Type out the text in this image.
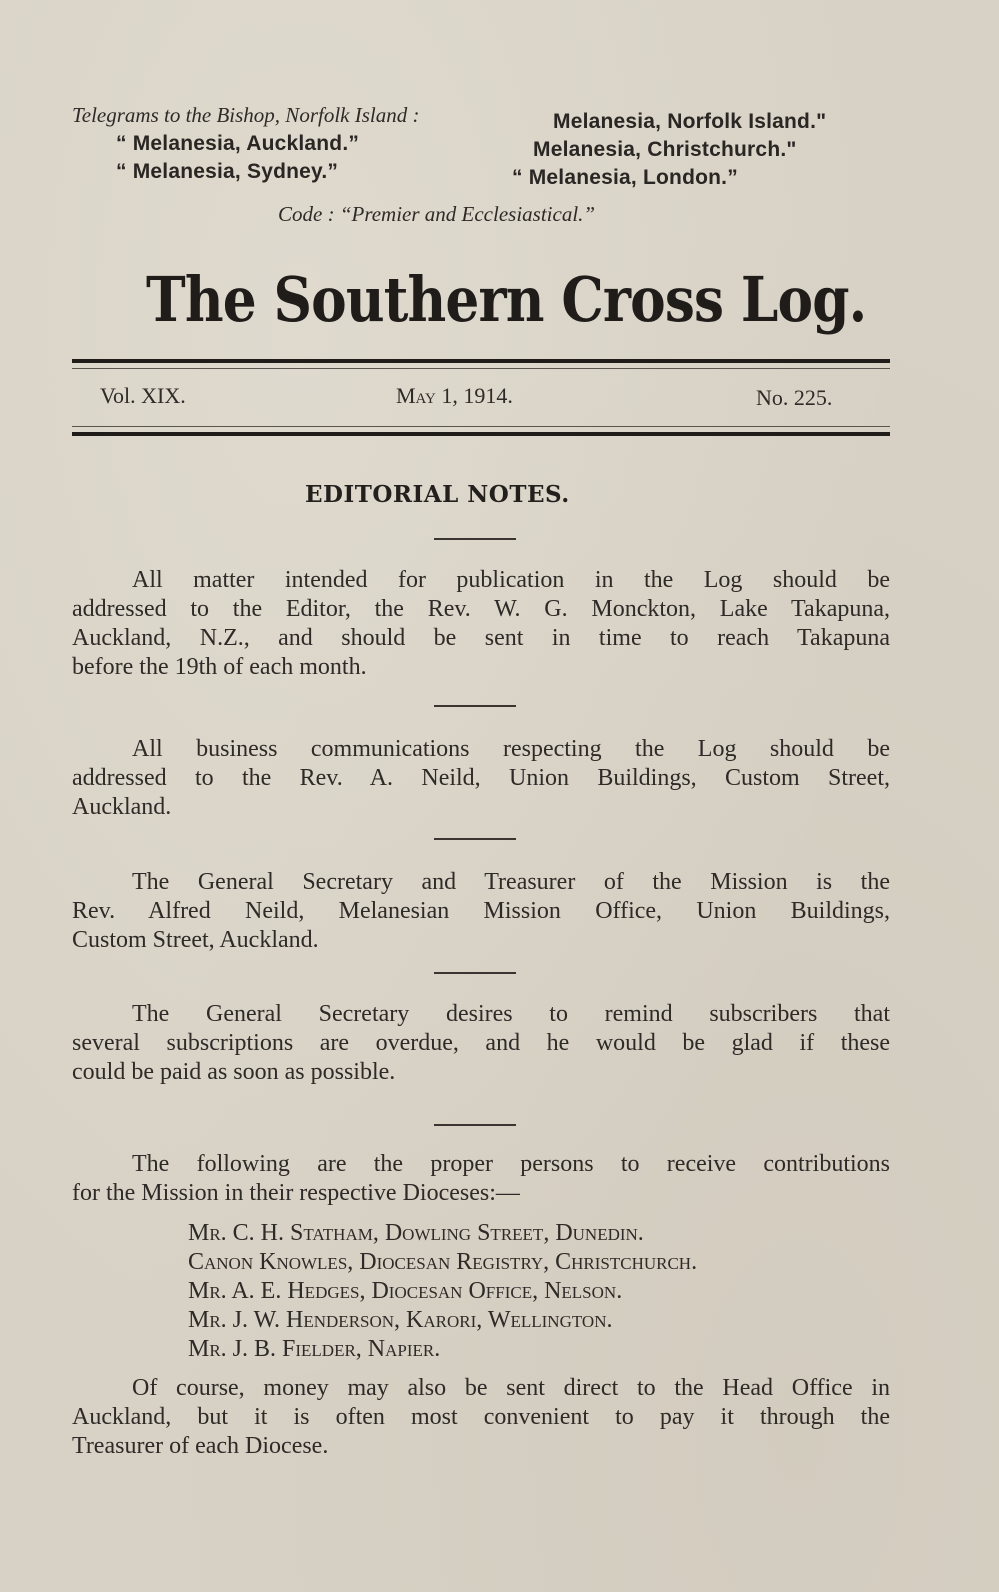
Telegrams to the Bishop, Norfolk Island :	Melanesia, Norfolk Island."
“ Melanesia, Auckland.”	Melanesia, Christchurch."
“ Melanesia, Sydney.”	“ Melanesia, London.”
Code : “Premier and Ecclesiastical.”
The Southern Cross Log.
Vol. XIX.	May 1, 1914.	No. 225.
EDITORIAL NOTES.
All matter intended for publication in the Log should be
addressed to the Editor, the Rev. W. G. Monckton, Lake Takapuna,
Auckland, N.Z., and should be sent in time to reach Takapuna
before the 19th of each month.
All business communications respecting the Log should be
addressed to the Rev. A. Neild, Union Buildings, Custom Street,
Auckland.
The General Secretary and Treasurer of the Mission is the
Rev. Alfred Neild, Melanesian Mission Office, Union Buildings,
Custom Street, Auckland.
The General Secretary desires to remind subscribers that
several subscriptions are overdue, and he would be glad if these
could be paid as soon as possible.
The following are the proper persons to receive contributions
for the Mission in their respective Dioceses:—
Mr. C. H. Statham, Dowling Street, Dunedin.
Canon Knowles, Diocesan Registry, Christchurch.
Mr. A. E. Hedges, Diocesan Office, Nelson.
Mr. J. W. Henderson, Karori, Wellington.
Mr. J. B. Fielder, Napier.
Of course, money may also be sent direct to the Head Office in
Auckland, but it is often most convenient to pay it through the
Treasurer of each Diocese.
